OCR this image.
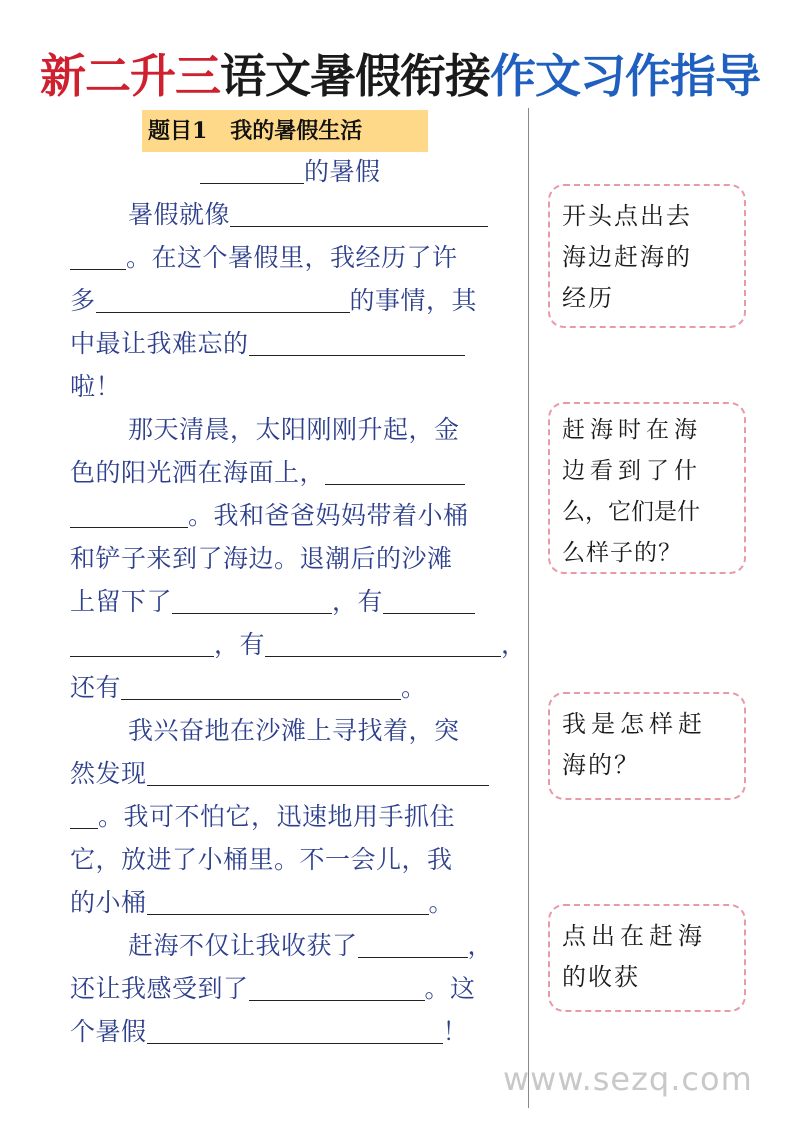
新二升三语文暑假衔接作文习作指导
题目1   我的暑假生活
的暑假
暑假就像
。在这个暑假里，我经历了许
多	的事情，其
中最让我难忘的
啦！
那天清晨，太阳刚刚升起，金
色的阳光洒在海面上，
。我和爸爸妈妈带着小桶
和铲子来到了海边。退潮后的沙滩
上留下了	，有
，有	，
还有	。
我兴奋地在沙滩上寻找着，突
然发现
。我可不怕它，迅速地用手抓住
它，放进了小桶里。不一会儿，我
的小桶	。
赶海不仅让我收获了	，
还让我感受到了	。这
个暑假	！
开头点出去
海边赶海的
经历
赶海时在海
边看到了什
么，它们是什
么样子的？
我是怎样赶
海的？
点出在赶海
的收获
www.sezq.com
